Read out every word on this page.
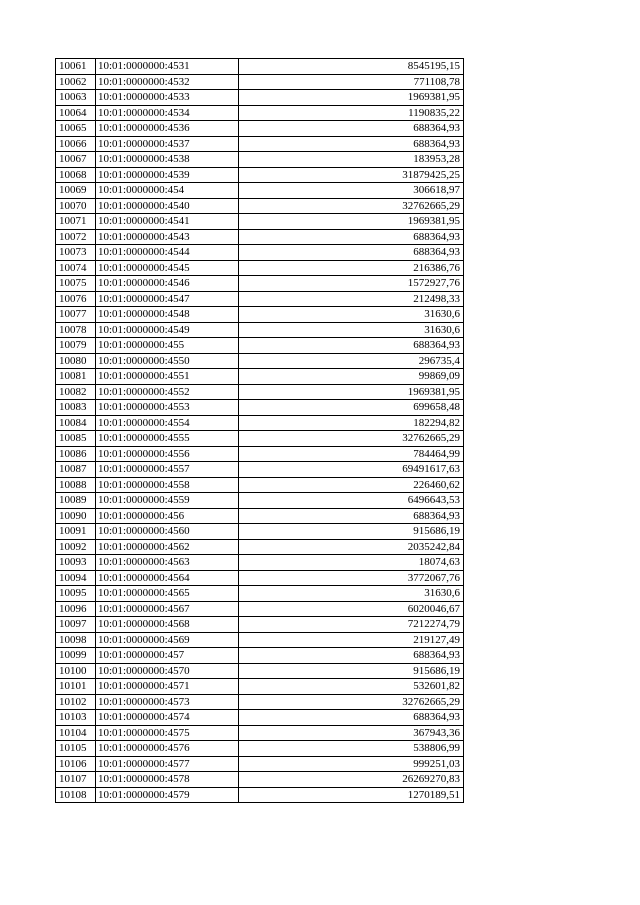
10061	10:01:0000000:4531	8545195,15
10062	10:01:0000000:4532	771108,78
10063	10:01:0000000:4533	1969381,95
10064	10:01:0000000:4534	1190835,22
10065	10:01:0000000:4536	688364,93
10066	10:01:0000000:4537	688364,93
10067	10:01:0000000:4538	183953,28
10068	10:01:0000000:4539	31879425,25
10069	10:01:0000000:454	306618,97
10070	10:01:0000000:4540	32762665,29
10071	10:01:0000000:4541	1969381,95
10072	10:01:0000000:4543	688364,93
10073	10:01:0000000:4544	688364,93
10074	10:01:0000000:4545	216386,76
10075	10:01:0000000:4546	1572927,76
10076	10:01:0000000:4547	212498,33
10077	10:01:0000000:4548	31630,6
10078	10:01:0000000:4549	31630,6
10079	10:01:0000000:455	688364,93
10080	10:01:0000000:4550	296735,4
10081	10:01:0000000:4551	99869,09
10082	10:01:0000000:4552	1969381,95
10083	10:01:0000000:4553	699658,48
10084	10:01:0000000:4554	182294,82
10085	10:01:0000000:4555	32762665,29
10086	10:01:0000000:4556	784464,99
10087	10:01:0000000:4557	69491617,63
10088	10:01:0000000:4558	226460,62
10089	10:01:0000000:4559	6496643,53
10090	10:01:0000000:456	688364,93
10091	10:01:0000000:4560	915686,19
10092	10:01:0000000:4562	2035242,84
10093	10:01:0000000:4563	18074,63
10094	10:01:0000000:4564	3772067,76
10095	10:01:0000000:4565	31630,6
10096	10:01:0000000:4567	6020046,67
10097	10:01:0000000:4568	7212274,79
10098	10:01:0000000:4569	219127,49
10099	10:01:0000000:457	688364,93
10100	10:01:0000000:4570	915686,19
10101	10:01:0000000:4571	532601,82
10102	10:01:0000000:4573	32762665,29
10103	10:01:0000000:4574	688364,93
10104	10:01:0000000:4575	367943,36
10105	10:01:0000000:4576	538806,99
10106	10:01:0000000:4577	999251,03
10107	10:01:0000000:4578	26269270,83
10108	10:01:0000000:4579	1270189,51
